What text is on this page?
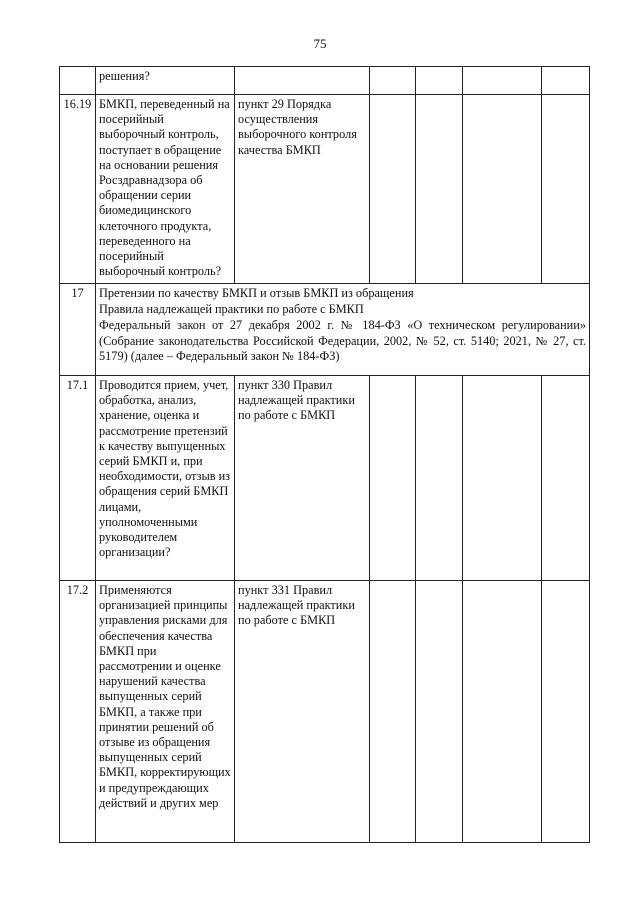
75
	решения?					
16.19	БМКП, переведенный на посерийный выборочный контроль, поступает в обращение на основании решения Росздравнадзора об обращении серии биомедицинского клеточного продукта, переведенного на посерийный выборочный контроль?	пункт 29 Порядка осуществления выборочного контроля качества БМКП				
17	Претензии по качеству БМКП и отзыв БМКП из обращения

Правила надлежащей практики по работе с БМКП

Федеральный закон от 27 декабря 2002 г. № 184-ФЗ «О техническом регулировании» (Собрание законодательства Российской Федерации, 2002, № 52, ст. 5140; 2021, № 27, ст. 5179) (далее – Федеральный закон № 184-ФЗ)					

17.1	Проводится прием, учет, обработка, анализ, хранение, оценка и рассмотрение претензий к качеству выпущенных серий БМКП и, при необходимости, отзыв из обращения серий БМКП лицами, уполномоченными руководителем организации?	пункт 330 Правил надлежащей практики по работе с БМКП				
17.2	Применяются организацией принципы управления рисками для обеспечения качества БМКП при рассмотрении и оценке нарушений качества выпущенных серий БМКП, а также при принятии решений об отзыве из обращения выпущенных серий БМКП, корректирующих и предупреждающих действий и других мер	пункт 331 Правил надлежащей практики по работе с БМКП				
